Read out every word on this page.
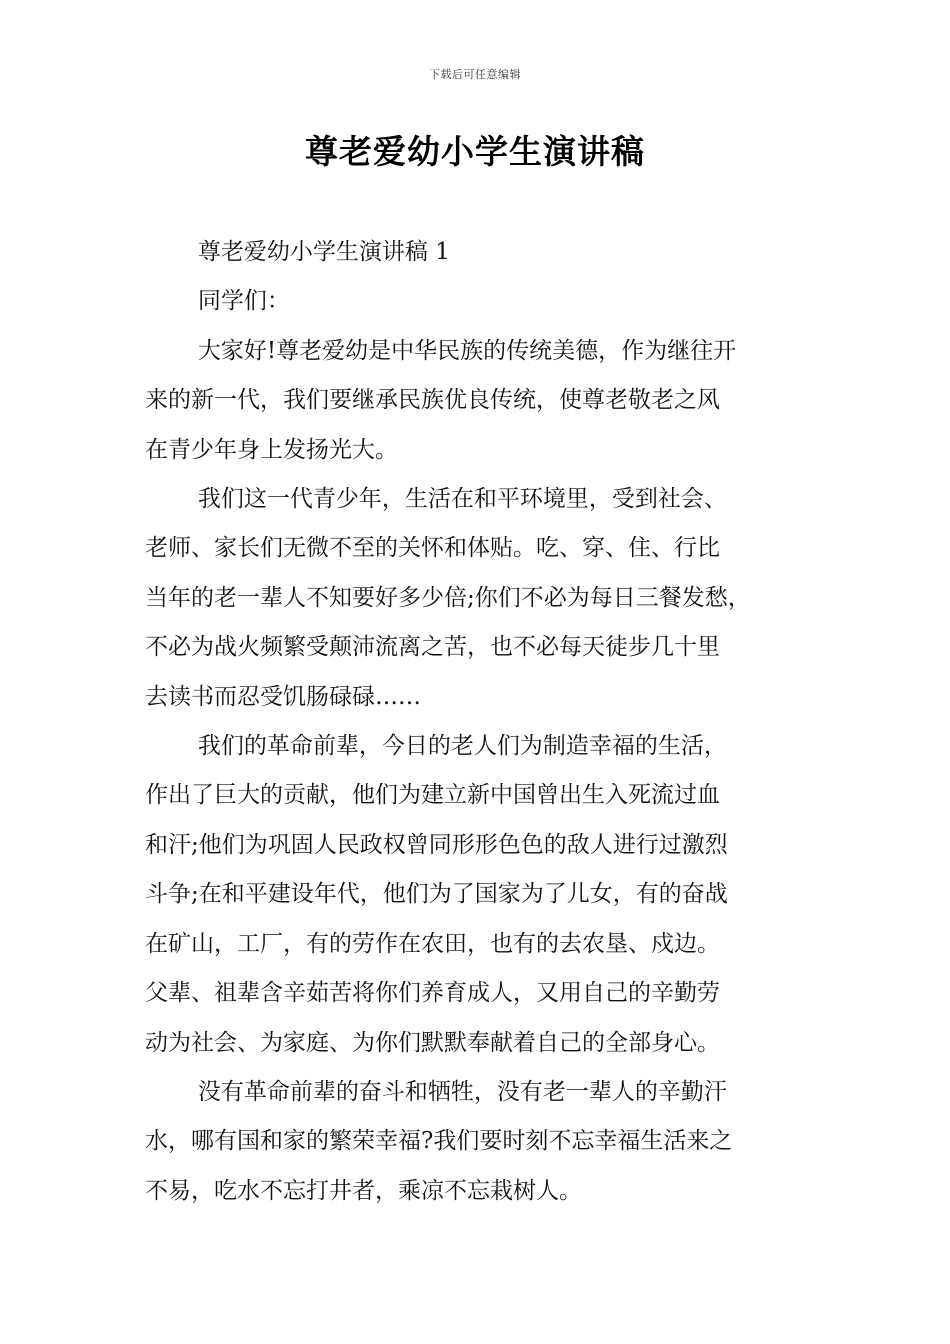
下载后可任意编辑
尊老爱幼小学生演讲稿

尊老爱幼小学生演讲稿 1

同学们：

大家好!尊老爱幼是中华民族的传统美德，作为继往开
来的新一代，我们要继承民族优良传统，使尊老敬老之风
在青少年身上发扬光大。

我们这一代青少年，生活在和平环境里，受到社会、
老师、家长们无微不至的关怀和体贴。吃、穿、住、行比
当年的老一辈人不知要好多少倍;你们不必为每日三餐发愁，
不必为战火频繁受颠沛流离之苦，也不必每天徒步几十里
去读书而忍受饥肠碌碌……

我们的革命前辈，今日的老人们为制造幸福的生活，
作出了巨大的贡献，他们为建立新中国曾出生入死流过血
和汗;他们为巩固人民政权曾同形形色色的敌人进行过激烈
斗争;在和平建设年代，他们为了国家为了儿女，有的奋战
在矿山，工厂，有的劳作在农田，也有的去农垦、戍边。
父辈、祖辈含辛茹苦将你们养育成人，又用自己的辛勤劳
动为社会、为家庭、为你们默默奉献着自己的全部身心。

没有革命前辈的奋斗和牺牲，没有老一辈人的辛勤汗
水，哪有国和家的繁荣幸福?我们要时刻不忘幸福生活来之
不易，吃水不忘打井者，乘凉不忘栽树人。
